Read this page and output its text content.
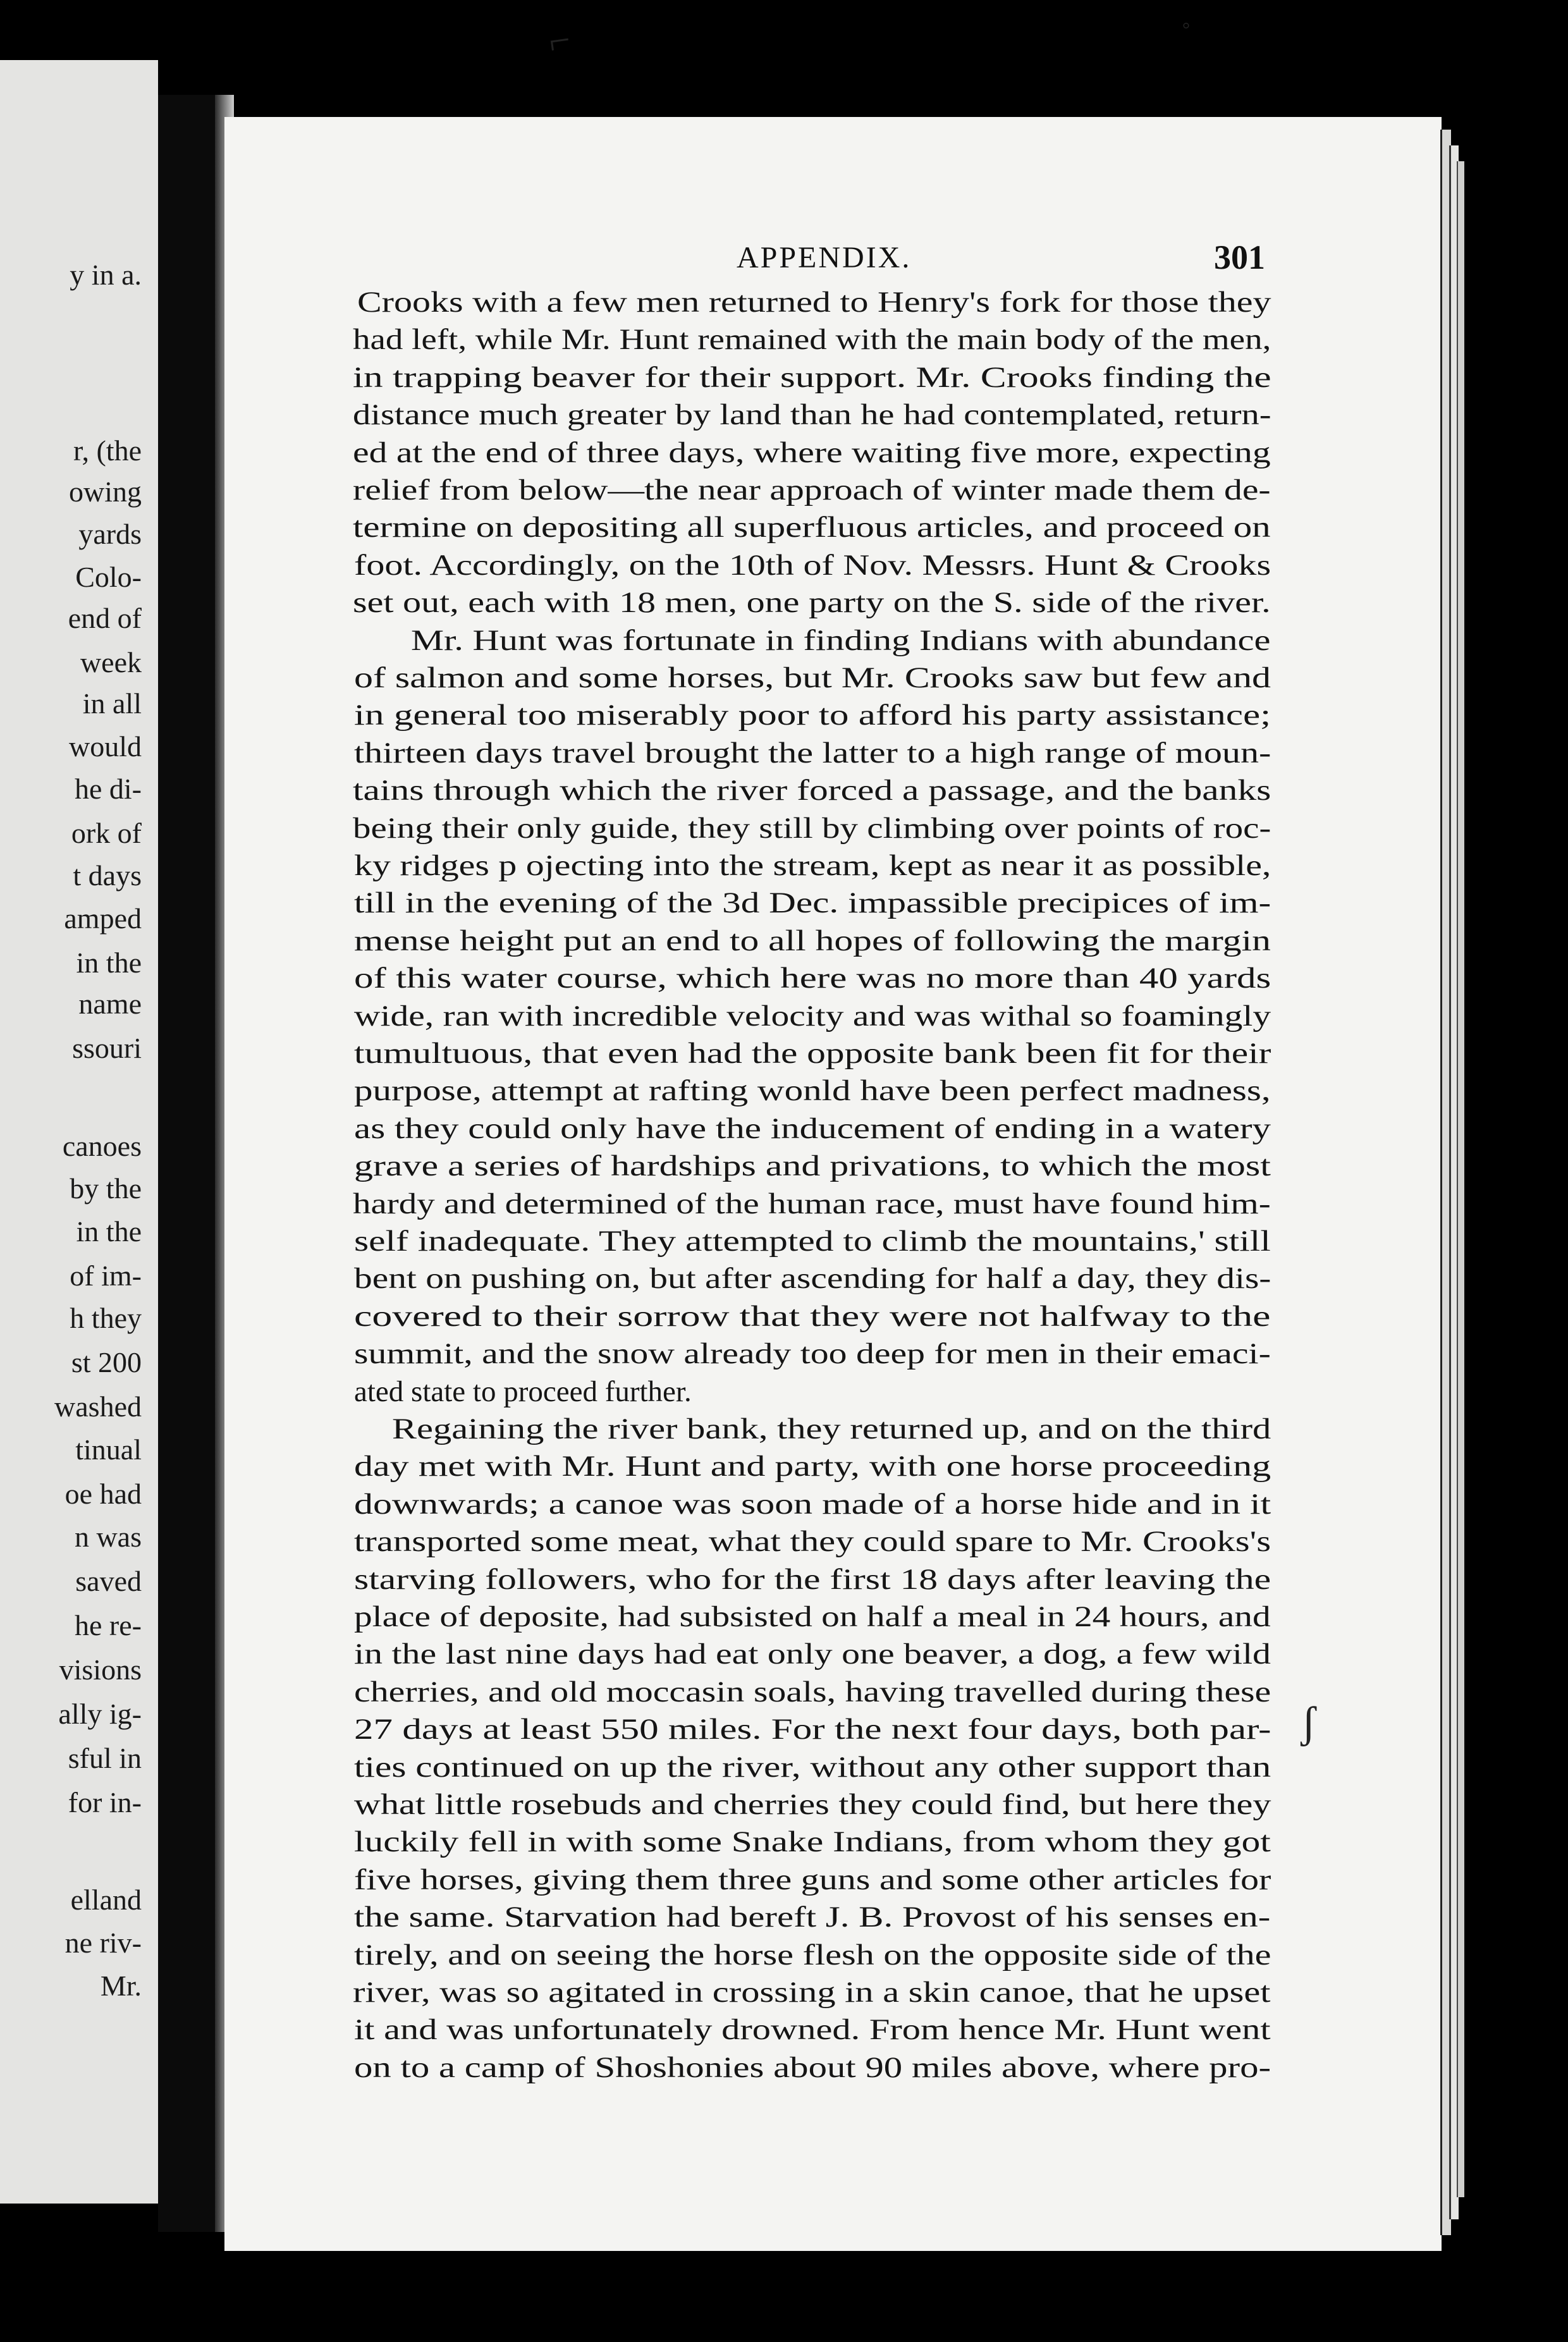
y in a.
r, (the
owing
yards
Colo-
end of
week
in all
would
he di-
ork of
t days
amped
in the
name
ssouri
canoes
by the
in the
of im-
h they
st 200
washed
tinual
oe had
n was
saved
he re-
visions
ally ig-
sful in
for in-
elland
ne riv-
Mr.
APPENDIX.	301
Crooks with a few men returned to Henry's fork for those they
had left, while Mr. Hunt remained with the main body of the men,
in trapping beaver for their support. Mr. Crooks finding the
distance much greater by land than he had contemplated, return-
ed at the end of three days, where waiting five more, expecting
relief from below—the near approach of winter made them de-
termine on depositing all superfluous articles, and proceed on
foot. Accordingly, on the 10th of Nov. Messrs. Hunt & Crooks
set out, each with 18 men, one party on the S. side of the river.
Mr. Hunt was fortunate in finding Indians with abundance
of salmon and some horses, but Mr. Crooks saw but few and
in general too miserably poor to afford his party assistance;
thirteen days travel brought the latter to a high range of moun-
tains through which the river forced a passage, and the banks
being their only guide, they still by climbing over points of roc-
ky ridges p ojecting into the stream, kept as near it as possible,
till in the evening of the 3d Dec. impassible precipices of im-
mense height put an end to all hopes of following the margin
of this water course, which here was no more than 40 yards
wide, ran with incredible velocity and was withal so foamingly
tumultuous, that even had the opposite bank been fit for their
purpose, attempt at rafting wonld have been perfect madness,
as they could only have the inducement of ending in a watery
grave a series of hardships and privations, to which the most
hardy and determined of the human race, must have found him-
self inadequate. They attempted to climb the mountains,' still
bent on pushing on, but after ascending for half a day, they dis-
covered to their sorrow that they were not halfway to the
summit, and the snow already too deep for men in their emaci-
ated state to proceed further.
Regaining the river bank, they returned up, and on the third
day met with Mr. Hunt and party, with one horse proceeding
downwards; a canoe was soon made of a horse hide and in it
transported some meat, what they could spare to Mr. Crooks's
starving followers, who for the first 18 days after leaving the
place of deposite, had subsisted on half a meal in 24 hours, and
in the last nine days had eat only one beaver, a dog, a few wild
cherries, and old moccasin soals, having travelled during these
27 days at least 550 miles. For the next four days, both par-
ties continued on up the river, without any other support than
what little rosebuds and cherries they could find, but here they
luckily fell in with some Snake Indians, from whom they got
five horses, giving them three guns and some other articles for
the same. Starvation had bereft J. B. Provost of his senses en-
tirely, and on seeing the horse flesh on the opposite side of the
river, was so agitated in crossing in a skin canoe, that he upset
it and was unfortunately drowned. From hence Mr. Hunt went
on to a camp of Shoshonies about 90 miles above, where pro-
⌐	°
ʃ
